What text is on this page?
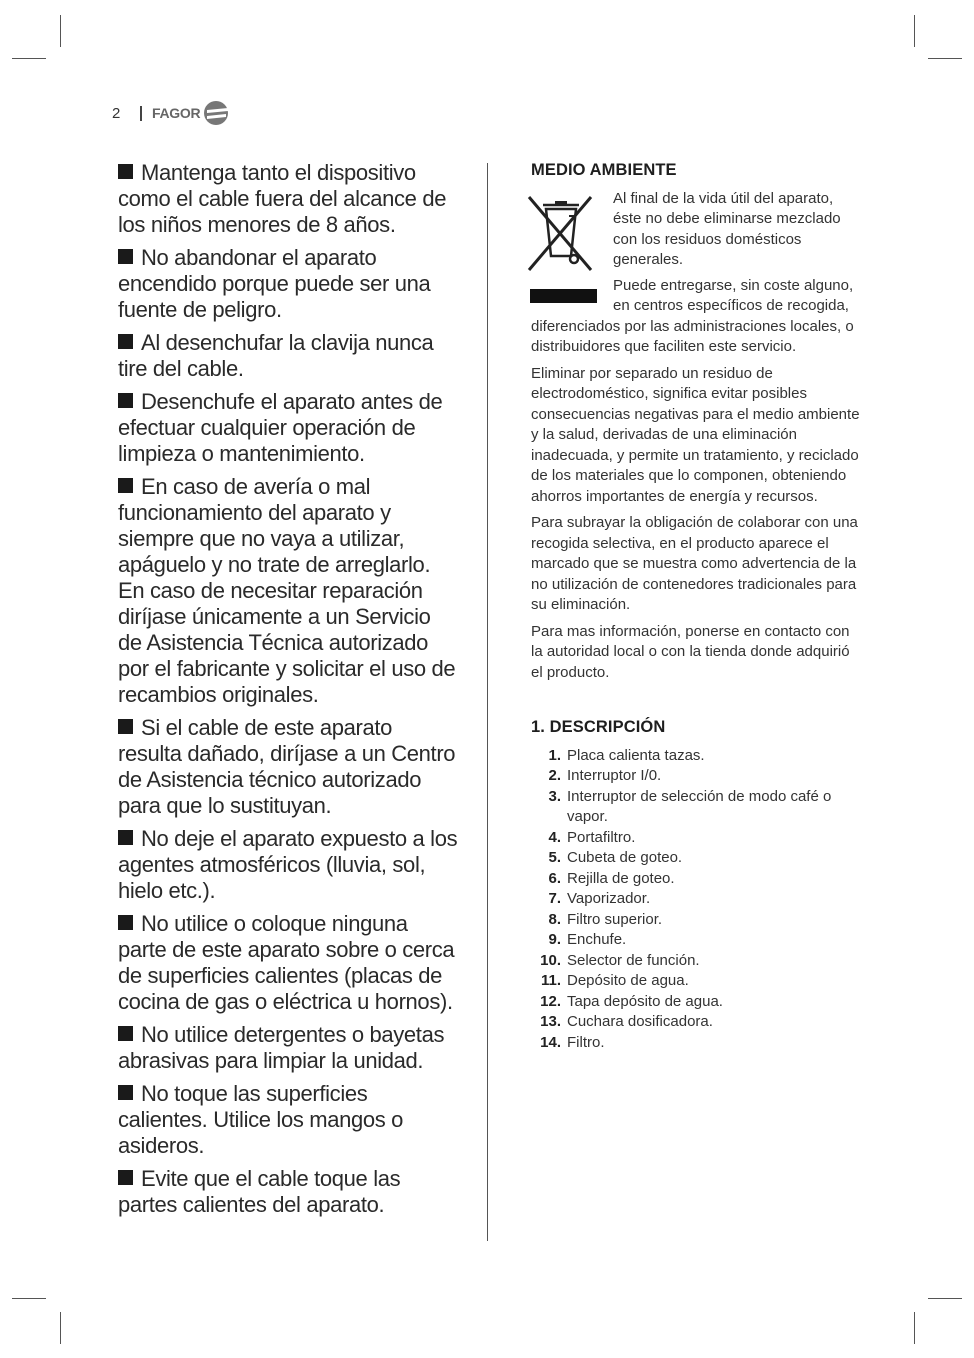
2	FAGOR
Mantenga tanto el dispositivo como el cable fuera del alcance de los niños menores de 8 años.
No abandonar el aparato encendido porque puede ser una fuente de peligro.
Al desenchufar la clavija nunca tire del cable.
Desenchufe el aparato antes de efectuar cualquier operación de limpieza o mantenimiento.
En caso de avería o mal funcionamiento del aparato y siempre que no vaya a utilizar, apáguelo y no trate de arreglarlo. En caso de necesitar reparación diríjase únicamente a un Servicio de Asistencia Técnica autorizado por el fabricante y solicitar el uso de recambios originales.
Si el cable de este aparato resulta dañado, diríjase a un Centro de Asistencia técnico autorizado para que lo sustituyan.
No deje el aparato expuesto a los agentes atmosféricos (lluvia, sol, hielo etc.).
No utilice o coloque ninguna parte de este aparato sobre o cerca de superficies calientes (placas de cocina de gas o eléctrica u hornos).
No utilice detergentes o bayetas abrasivas para limpiar la unidad.
No toque las superficies calientes. Utilice los mangos o asideros.
Evite que el cable toque las partes calientes del aparato.
MEDIO AMBIENTE

Al final de la vida útil del aparato, éste no debe eliminarse mezclado con los residuos domésticos generales.

Puede entregarse, sin coste alguno, en centros específicos de recogida, diferenciados por las administraciones locales, o distribuidores que faciliten este servicio.

Eliminar por separado un residuo de electrodoméstico, significa evitar posibles consecuencias negativas para el medio ambiente y la salud, derivadas de una eliminación inadecuada, y permite un tratamiento, y reciclado de los materiales que lo componen, obteniendo ahorros importantes de energía y recursos.

Para subrayar la obligación de colaborar con una recogida selectiva, en el producto aparece el marcado que se muestra como advertencia de la no utilización de contenedores tradicionales para su eliminación.

Para mas información, ponerse en contacto con la autoridad local o con la tienda donde adquirió el producto.

1. DESCRIPCIÓN
1. Placa calienta tazas.
2. Interruptor I/0.
3. Interruptor de selección de modo café o vapor.
4. Portafiltro.
5. Cubeta de goteo.
6. Rejilla de goteo.
7. Vaporizador.
8. Filtro superior.
9. Enchufe.
10. Selector de función.
11. Depósito de agua.
12. Tapa depósito de agua.
13. Cuchara dosificadora.
14. Filtro.
